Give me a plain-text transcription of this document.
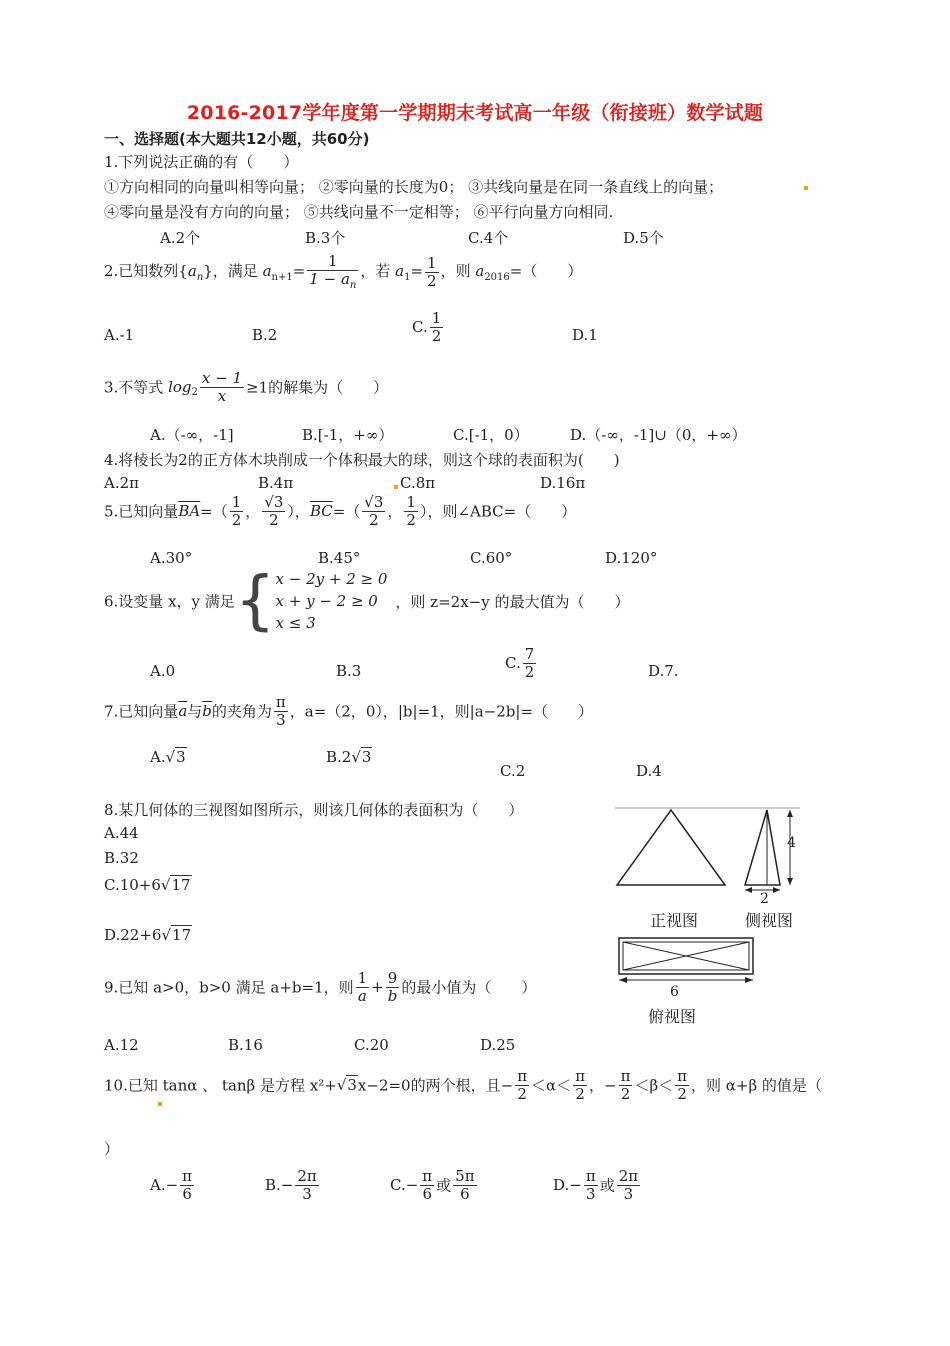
2016-2017学年度第一学期期末考试高一年级（衔接班）数学试题
一、选择题(本大题共12小题，共60分)
1.下列说法正确的有（　　）
①方向相同的向量叫相等向量； ②零向量的长度为0； ③共线向量是在同一条直线上的向量；
④零向量是没有方向的向量； ⑤共线向量不一定相等； ⑥平行向量方向相同.
A.2个	B.3个	C.4个	D.5个
2.已知数列$\{a_n\}$，满足 $a_{n+1}= \frac{1}{1 - a_n}$ ，若 $a_1= \frac{1}{2}$ ，则 $a_{2016}=$（　　）
A.-1	B.2	C. $\frac{1}{2}$	D.1
3.不等式 $\log_2 \frac{x - 1}{x} \ge 1$的解集为（　　）
A.（-∞，-1]	B.[-1，+∞）	C.[-1，0）	D.（-∞，-1]∪（0，+∞）
4.将棱长为2的正方体木块削成一个体积最大的球，则这个球的表面积为(　　)
A.2π	B.4π	C.8π	D.16π
5.已知向量$\overline{BA}=( \frac{1}{2}$ ， $\frac{√3}{2}$ ），$\overline{BC}=( \frac{√3}{2}$ ， $\frac{1}{2}$ ），则∠ABC=（　　）
A.30°	B.45°	C.60°	D.120°
6.设变量 x，y 满足{ x − 2y + 2 ≥ 0
x + y − 2 ≥ 0
x ≤ 3
，则 z=2x−y 的最大值为（　　）
A.0	B.3	C. $\frac{7}{2}$	D.7.
7.已知向量$\overline{a}$与$\overline{b}$的夹角为 $\frac{\pi}{3}$ ，a=（2，0），|b|=1，则|a−2b|=（　　）
A.√3	B.2√3
C.2	D.4
8.某几何体的三视图如图所示，则该几何体的表面积为（　　）
A.44
B.32
C.10+6√17
D.22+6√17
4
2
正视图	侧视图
6
俯视图
9.已知 a>0，b>0 满足 a+b=1，则 $\frac{1}{a} + \frac{9}{b}$ 的最小值为（　　）
A.12	B.16	C.20	D.25
10.已知 tanα 、 tanβ 是方程 x²+√3x−2=0的两个根，且− $\frac{\pi}{2} <\alpha< \frac{\pi}{2}$ ，− $\frac{\pi}{2} <\beta< \frac{\pi}{2}$ ，则 α+β 的值是（
）
$A.- \frac{\pi}{6}$	$B.- \frac{2\pi}{3}$	$C.- \frac{\pi}{6}$ 或 $\frac{5\pi}{6}$	$D.- \frac{\pi}{3}$ 或 $\frac{2\pi}{3}$
